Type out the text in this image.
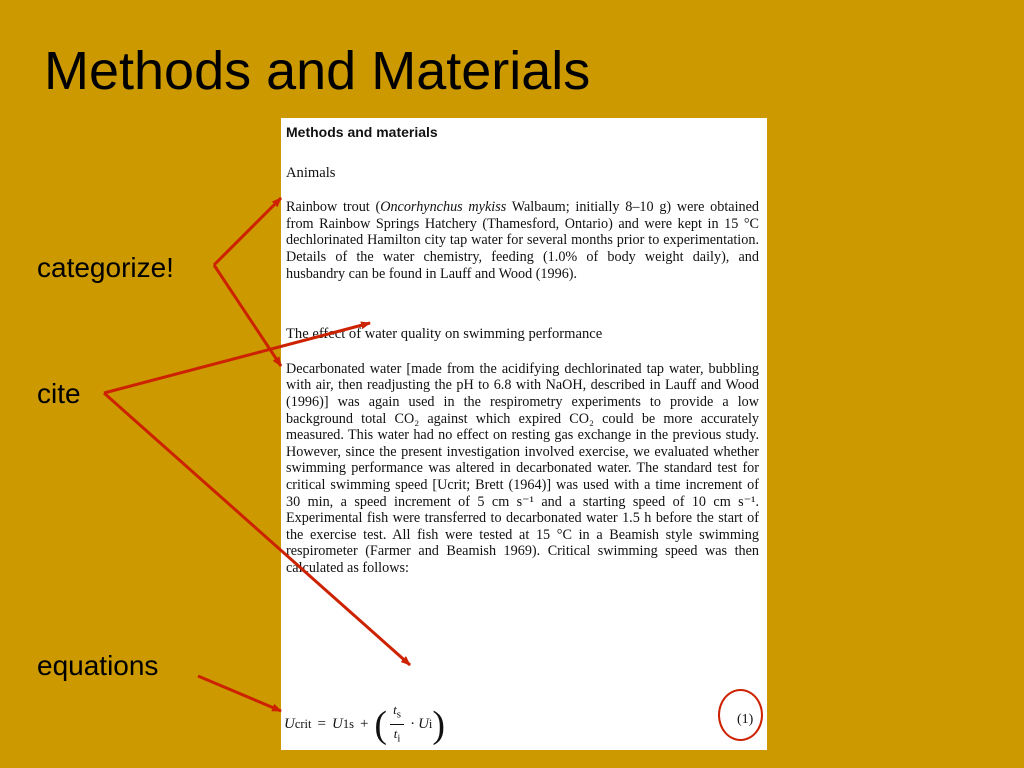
Methods and Materials
categorize!
cite
equations
Methods and materials
Animals

Rainbow trout (Oncorhynchus mykiss Walbaum; initially 8–10 g) were obtained from Rainbow Springs Hatchery (Thamesford, Ontario) and were kept in 15 °C dechlorinated Hamilton city tap water for several months prior to experimentation. Details of the water chemistry, feeding (1.0% of body weight daily), and husbandry can be found in Lauff and Wood (1996).

The effect of water quality on swimming performance

Decarbonated water [made from the acidifying dechlorinated tap water, bubbling with air, then readjusting the pH to 6.8 with NaOH, described in Lauff and Wood (1996)] was again used in the respirometry experiments to provide a low background total CO₂ against which expired CO₂ could be more accurately measured. This water had no effect on resting gas exchange in the previous study. However, since the present investigation involved exercise, we evaluated whether swimming performance was altered in decarbonated water. The standard test for critical swimming speed [Ucrit; Brett (1964)] was used with a time increment of 30 min, a speed increment of 5 cm s⁻¹ and a starting speed of 10 cm s⁻¹. Experimental fish were transferred to decarbonated water 1.5 h before the start of the exercise test. All fish were tested at 15 °C in a Beamish style swimming respirometer (Farmer and Beamish 1969). Critical swimming speed was then calculated as follows:

U crit = U 1s + ( $\frac{t_s}{t_i} \cdot U$ i )	(1)
